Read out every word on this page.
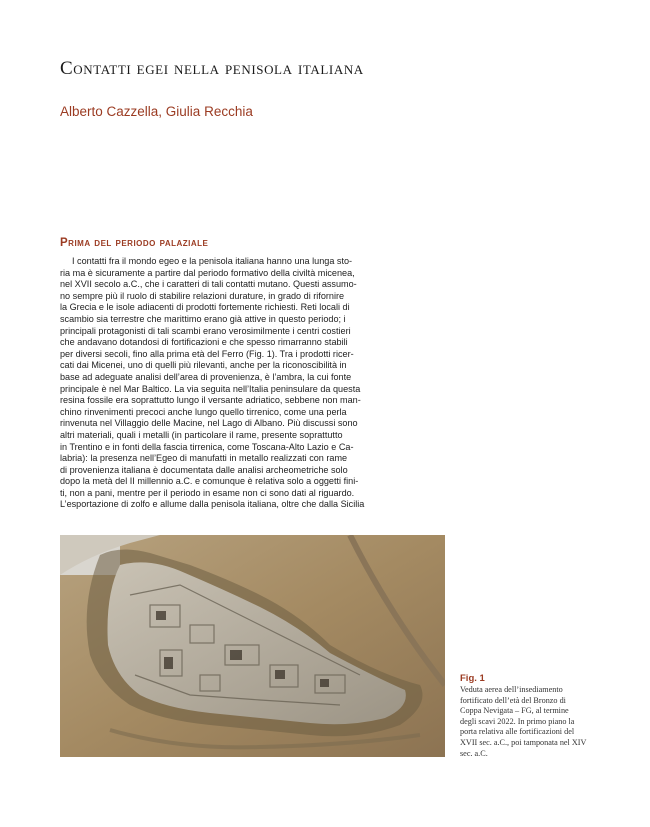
Contatti egei nella penisola italiana

Alberto Cazzella, Giulia Recchia

Prima del periodo palaziale

I contatti fra il mondo egeo e la penisola italiana hanno una lunga sto-
ria ma è sicuramente a partire dal periodo formativo della civiltà micenea,
nel XVII secolo a.C., che i caratteri di tali contatti mutano. Questi assumo-
no sempre più il ruolo di stabilire relazioni durature, in grado di rifornire
la Grecia e le isole adiacenti di prodotti fortemente richiesti. Reti locali di
scambio sia terrestre che marittimo erano già attive in questo periodo; i
principali protagonisti di tali scambi erano verosimilmente i centri costieri
che andavano dotandosi di fortificazioni e che spesso rimarranno stabili
per diversi secoli, fino alla prima età del Ferro (Fig. 1). Tra i prodotti ricer-
cati dai Micenei, uno di quelli più rilevanti, anche per la riconoscibilità in
base ad adeguate analisi dell’area di provenienza, è l’ambra, la cui fonte
principale è nel Mar Baltico. La via seguita nell’Italia peninsulare da questa
resina fossile era soprattutto lungo il versante adriatico, sebbene non man-
chino rinvenimenti precoci anche lungo quello tirrenico, come una perla
rinvenuta nel Villaggio delle Macine, nel Lago di Albano. Più discussi sono
altri materiali, quali i metalli (in particolare il rame, presente soprattutto
in Trentino e in fonti della fascia tirrenica, come Toscana-Alto Lazio e Ca-
labria): la presenza nell’Egeo di manufatti in metallo realizzati con rame
di provenienza italiana è documentata dalle analisi archeometriche solo
dopo la metà del II millennio a.C. e comunque è relativa solo a oggetti fini-
ti, non a pani, mentre per il periodo in esame non ci sono dati al riguardo.
L’esportazione di zolfo e allume dalla penisola italiana, oltre che dalla Sicilia

Fig. 1

Veduta aerea dell’insediamento
fortificato dell’età del Bronzo di
Coppa Nevigata – FG, al termine
degli scavi 2022. In primo piano la
porta relativa alle fortificazioni del
XVII sec. a.C., poi tamponata nel XIV
sec. a.C.
